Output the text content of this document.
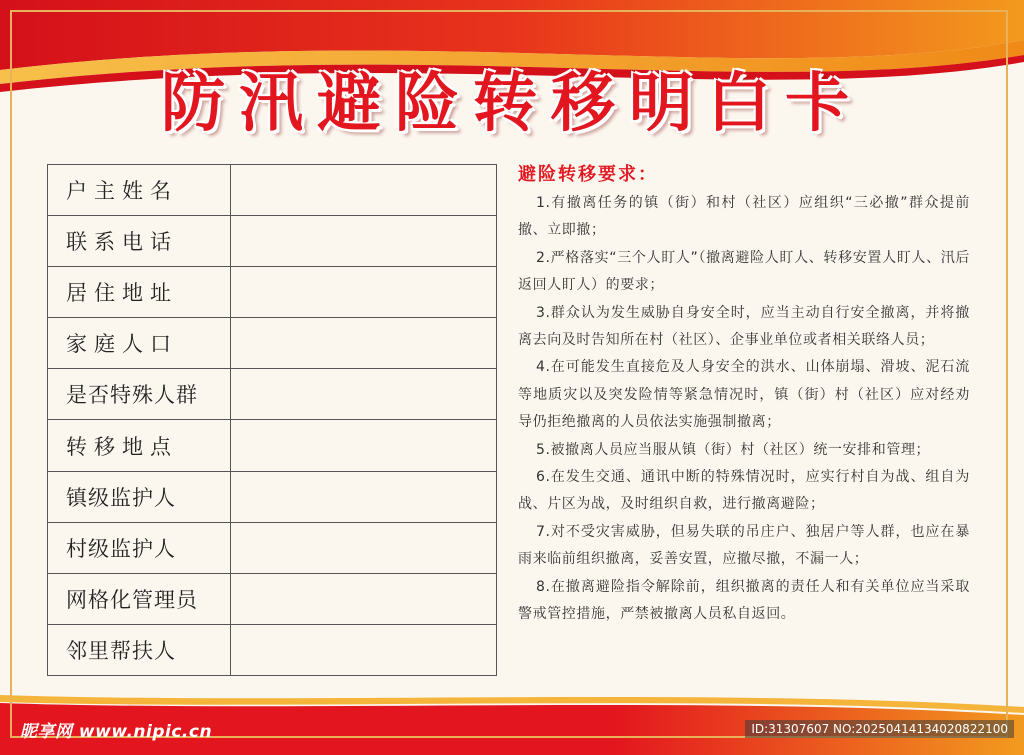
防汛避险转移明白卡
户主姓名	
联系电话	
居住地址	
家庭人口	
是否特殊人群	
转移地点	
镇级监护人	
村级监护人	
网格化管理员	
邻里帮扶人	
避险转移要求：
1.有撤离任务的镇（街）和村（社区）应组织“三必撤”群众提前撤、立即撤；
2.严格落实“三个人盯人”（撤离避险人盯人、转移安置人盯人、汛后返回人盯人）的要求；
3.群众认为发生威胁自身安全时，应当主动自行安全撤离，并将撤离去向及时告知所在村（社区）、企事业单位或者相关联络人员；
4.在可能发生直接危及人身安全的洪水、山体崩塌、滑坡、泥石流等地质灾以及突发险情等紧急情况时，镇（街）村（社区）应对经劝导仍拒绝撤离的人员依法实施强制撤离；
5.被撤离人员应当服从镇（街）村（社区）统一安排和管理；
6.在发生交通、通讯中断的特殊情况时，应实行村自为战、组自为战、片区为战，及时组织自救，进行撤离避险；
7.对不受灾害威胁，但易失联的吊庄户、独居户等人群，也应在暴雨来临前组织撤离，妥善安置，应撤尽撤，不漏一人；
8.在撤离避险指令解除前，组织撤离的责任人和有关单位应当采取警戒管控措施，严禁被撤离人员私自返回。
昵享网 www.nipic.cn	ID:31307607 NO:20250414134020822100
